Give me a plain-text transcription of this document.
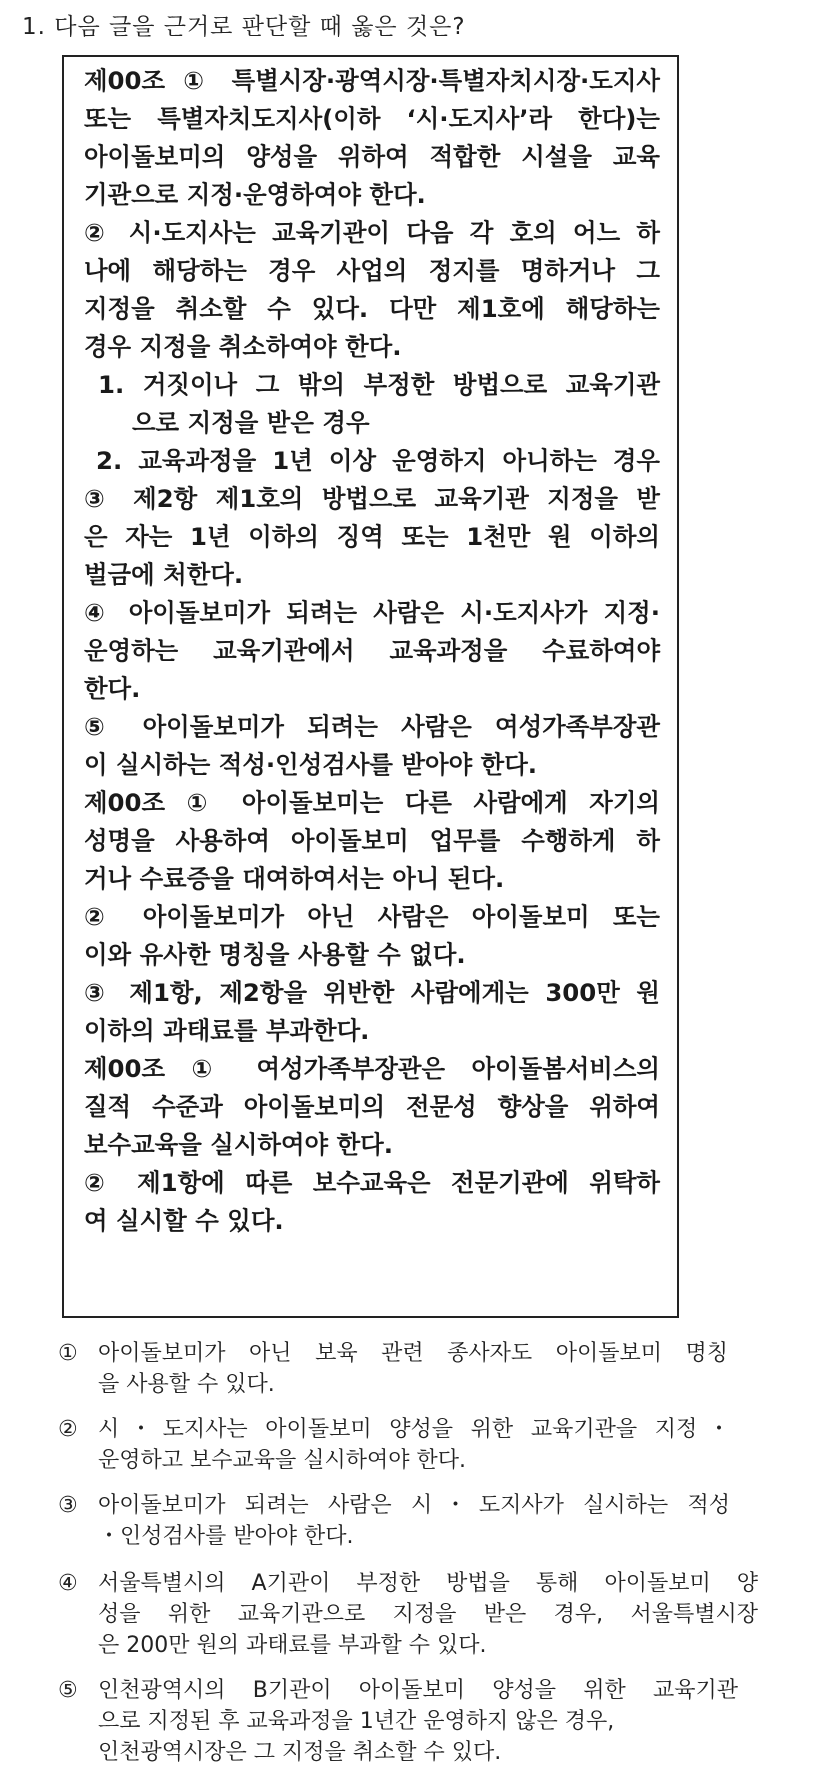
1. 다음 글을 근거로 판단할 때 옳은 것은?
제00조 ① 특별시장·광역시장·특별자치시장·도지사
또는 특별자치도지사(이하 ‘시·도지사’라 한다)는
아이돌보미의 양성을 위하여 적합한 시설을 교육
기관으로 지정·운영하여야 한다.
② 시·도지사는 교육기관이 다음 각 호의 어느 하
나에 해당하는 경우 사업의 정지를 명하거나 그
지정을 취소할 수 있다. 다만 제1호에 해당하는
경우 지정을 취소하여야 한다.
1. 거짓이나 그 밖의 부정한 방법으로 교육기관
으로 지정을 받은 경우
2. 교육과정을 1년 이상 운영하지 아니하는 경우
③ 제2항 제1호의 방법으로 교육기관 지정을 받
은 자는 1년 이하의 징역 또는 1천만 원 이하의
벌금에 처한다.
④ 아이돌보미가 되려는 사람은 시·도지사가 지정·
운영하는 교육기관에서 교육과정을 수료하여야
한다.
⑤ 아이돌보미가 되려는 사람은 여성가족부장관
이 실시하는 적성·인성검사를 받아야 한다.
제00조 ① 아이돌보미는 다른 사람에게 자기의
성명을 사용하여 아이돌보미 업무를 수행하게 하
거나 수료증을 대여하여서는 아니 된다.
② 아이돌보미가 아닌 사람은 아이돌보미 또는
이와 유사한 명칭을 사용할 수 없다.
③ 제1항, 제2항을 위반한 사람에게는 300만 원
이하의 과태료를 부과한다.
제00조 ① 여성가족부장관은 아이돌봄서비스의
질적 수준과 아이돌보미의 전문성 향상을 위하여
보수교육을 실시하여야 한다.
② 제1항에 따른 보수교육은 전문기관에 위탁하
여 실시할 수 있다.
① 아이돌보미가 아닌 보육 관련 종사자도 아이돌보미 명칭
을 사용할 수 있다.
② 시・도지사는 아이돌보미 양성을 위한 교육기관을 지정・
운영하고 보수교육을 실시하여야 한다.
③ 아이돌보미가 되려는 사람은 시・도지사가 실시하는 적성
・인성검사를 받아야 한다.
④ 서울특별시의 A기관이 부정한 방법을 통해 아이돌보미 양
성을 위한 교육기관으로 지정을 받은 경우, 서울특별시장
은 200만 원의 과태료를 부과할 수 있다.
⑤ 인천광역시의 B기관이 아이돌보미 양성을 위한 교육기관
으로 지정된 후 교육과정을 1년간 운영하지 않은 경우,
인천광역시장은 그 지정을 취소할 수 있다.
